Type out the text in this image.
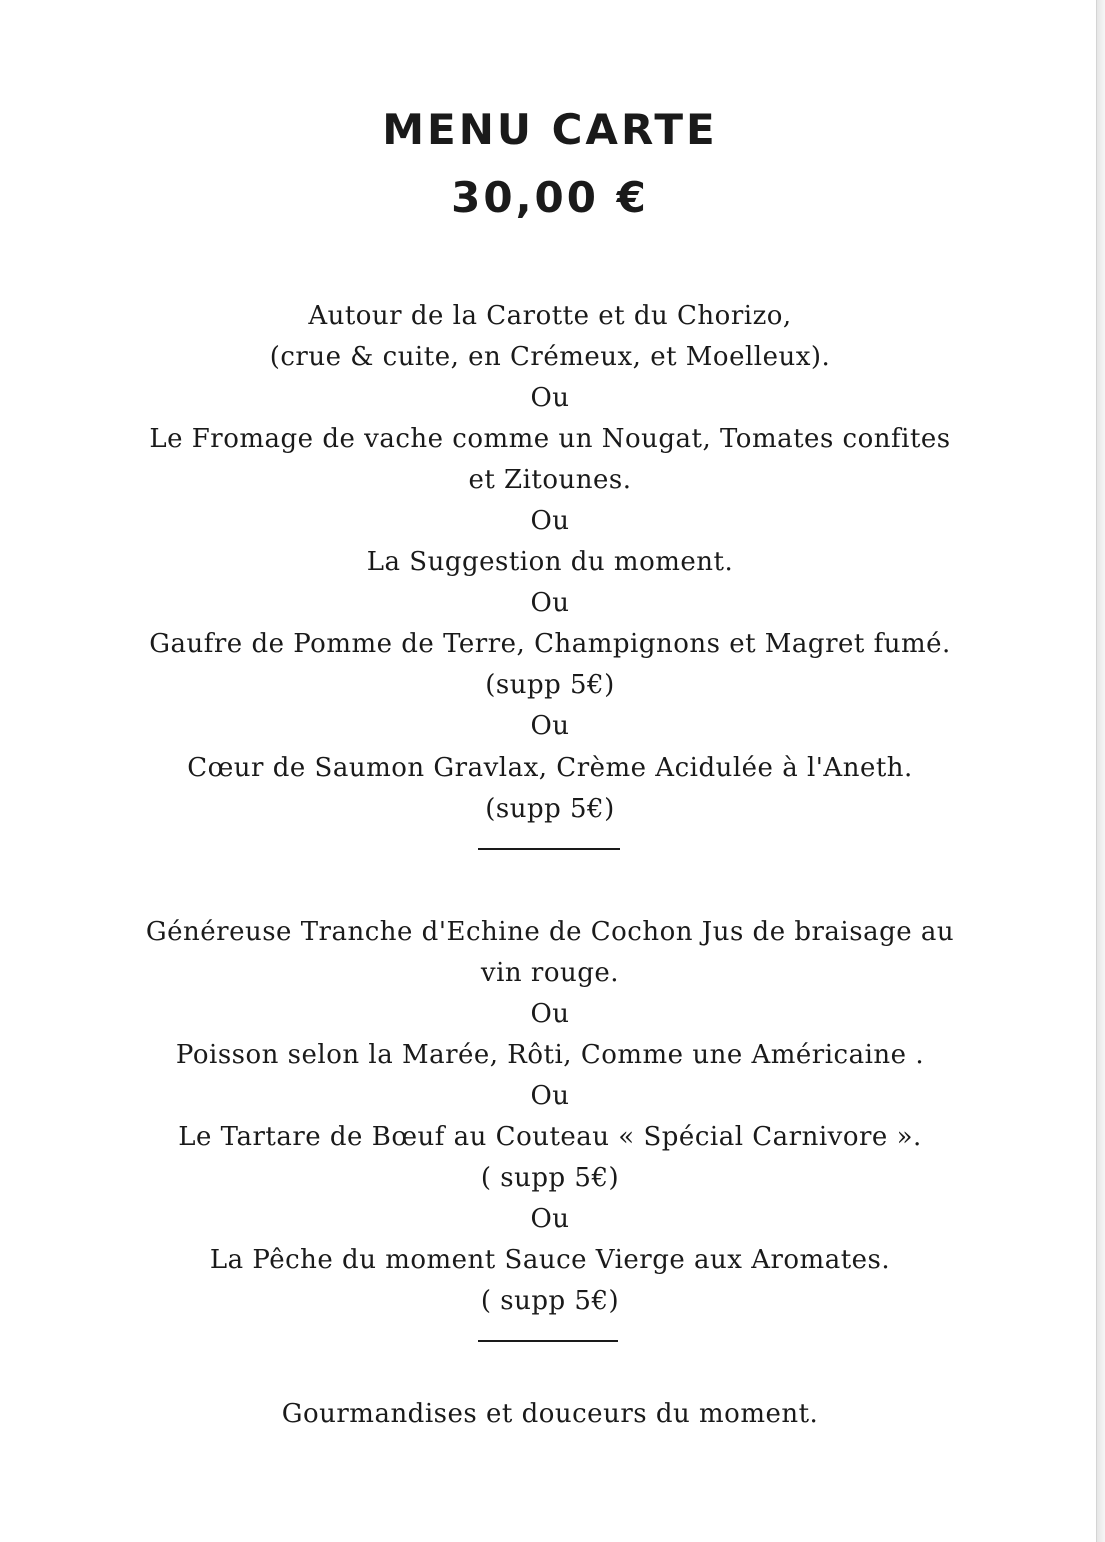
MENU CARTE
30,00 €
Autour de la Carotte et du Chorizo,
(crue & cuite, en Crémeux, et Moelleux).
Ou
Le Fromage de vache comme un Nougat, Tomates confites
et Zitounes.
Ou
La Suggestion du moment.
Ou
Gaufre de Pomme de Terre, Champignons et Magret fumé.
(supp 5€)
Ou
Cœur de Saumon Gravlax, Crème Acidulée à l'Aneth.
(supp 5€)
Généreuse Tranche d'Echine de Cochon Jus de braisage au
vin rouge.
Ou
Poisson selon la Marée, Rôti, Comme une Américaine .
Ou
Le Tartare de Bœuf au Couteau « Spécial Carnivore ».
( supp 5€)
Ou
La Pêche du moment Sauce Vierge aux Aromates.
( supp 5€)
Gourmandises et douceurs du moment.
